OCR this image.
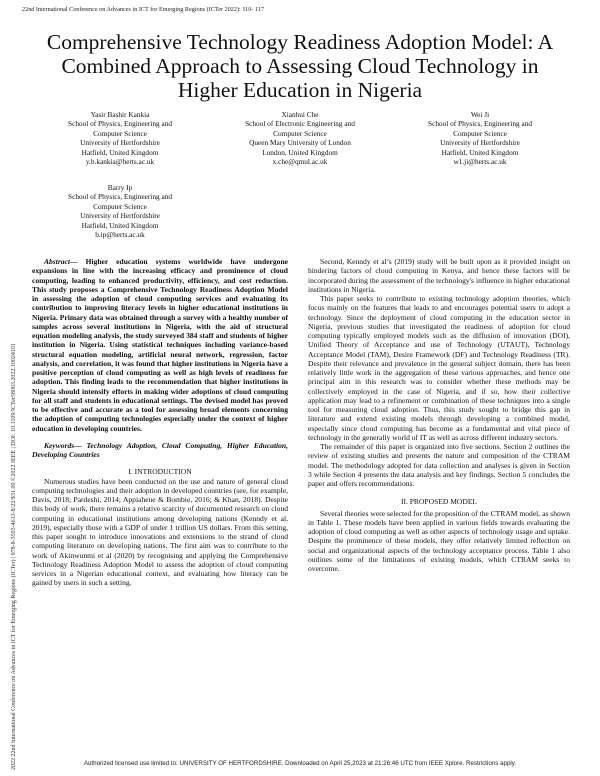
22nd International Conference on Advances in ICT for Emerging Regions (ICTer 2022): 110- 117
Comprehensive Technology Readiness Adoption Model: A Combined Approach to Assessing Cloud Technology in Higher Education in Nigeria
Yasir Bashir Kankia
School of Physics, Engineering and
Computer Science
University of Hertfordshire
Hatfield, United Kingdom
y.b.kankia@herts.ac.uk
Xianhui Che
School of Electronic Engineering and
Computer Science
Queen Mary University of London
London, United Kingdom
x.che@qmul.ac.uk
Wei Ji
School of Physics, Engineering and
Computer Science
University of Hertfordshire
Hatfield, United Kingdom
w1.ji@herts.ac.uk
Barry Ip
School of Physics, Engineering and
Computer Science
University of Hertfordshire
Hatfield, United Kingdom
b.ip@herts.ac.uk
2022 22nd International Conference on Advances in ICT for Emerging Regions (ICTer) | 978-8-3503-4613-8/22/$31.00 ©2022 IEEE | DOI: 10.1109/ICTer58063.2022.10024101

Abstract— Higher education systems worldwide have undergone expansions in line with the increasing efficacy and prominence of cloud computing, leading to enhanced productivity, efficiency, and cost reduction. This study proposes a Comprehensive Technology Readiness Adoption Model in assessing the adoption of cloud computing services and evaluating its contribution to improving literacy levels in higher educational institutions in Nigeria. Primary data was obtained through a survey with a healthy number of samples across several institutions in Nigeria, with the aid of structural equation modeling analysis, the study surveyed 384 staff and students of higher institution in Nigeria. Using statistical techniques including variance-based structural equation modeling, artificial neural network, regression, factor analysis, and correlation, it was found that higher institutions in Nigeria have a positive perception of cloud computing as well as high levels of readiness for adoption. This finding leads to the recommendation that higher institutions in Nigeria should intensify efforts in making wider adoptions of cloud computing for all staff and students in educational settings. The devised model has proved to be effective and accurate as a tool for assessing broad elements concerning the adoption of computing technologies especially under the context of higher education in developing countries.

Keywords— Technology Adoption, Cloud Computing, Higher Education, Developing Countries

I. INTRODUCTION

Numerous studies have been conducted on the use and nature of general cloud computing technologies and their adoption in developed countries (see, for example, Davis, 2018; Pardeshi, 2014; Appiahene & Bombie, 2016; & Khan, 2018). Despite this body of work, there remains a relative scarcity of documented research on cloud computing in educational institutions among developing nations (Kenndy et al, 2019), especially those with a GDP of under 1 trillion US dollars. From this setting, this paper sought to introduce innovations and extensions to the strand of cloud computing literature on developing nations. The first aim was to contribute to the work of Akinwunmi et al (2020) by recognising and applying the Comprehensive Technology Readiness Adoption Model to assess the adoption of cloud computing services in a Nigerian educational context, and evaluating how literacy can be gained by users in such a setting.

Second, Kenndy et al’s (2019) study will be built upon as it provided insight on hindering factors of cloud computing in Kenya, and hence these factors will be incorporated during the assessment of the technology's influence in higher educational institutions in Nigeria.

This paper seeks to contribute to existing technology adoption theories, which focus mainly on the features that leads to and encourages potential users to adopt a technology. Since the deployment of cloud computing in the education sector in Nigeria, previous studies that investigated the readiness of adoption for cloud computing typically employed models such as the diffusion of innovation (DOI), Unified Theory of Acceptance and use of Technology (UTAUT), Technology Acceptance Model (TAM), Desire Framework (DF) and Technology Readiness (TR). Despite their relevance and prevalence in the general subject domain, there has been relatively little work in the aggregation of these various approaches, and hence one principal aim in this research was to consider whether these methods may be collectively employed in the case of Nigeria, and if so, how their collective application may lead to a refinement or combination of these techniques into a single tool for measuring cloud adoption. Thus, this study sought to bridge this gap in literature and extend existing models through developing a combined model, especially since cloud computing has become as a fundamental and vital piece of technology in the generally world of IT as well as across different industry sectors.

The remainder of this paper is organized into five sections. Section 2 outlines the review of existing studies and presents the nature and composition of the CTRAM model. The methodology adopted for data collection and analyses is given in Section 3 while Section 4 presents the data analysis and key findings. Section 5 concludes the paper and offers recommendations.

II. PROPOSED MODEL

Several theories were selected for the proposition of the CTRAM model, as shown in Table 1. These models have been applied in various fields towards evaluating the adoption of cloud computing as well as other aspects of technology usage and uptake. Despite the prominence of these models, they offer relatively limited reflection on social and organizational aspects of the technology acceptance process. Table 1 also outlines some of the limitations of existing models, which CTRAM seeks to overcome.

Authorized licensed use limited to: UNIVERSITY OF HERTFORDSHIRE. Downloaded on April 25,2023 at 21:26:46 UTC from IEEE Xplore. Restrictions apply.
